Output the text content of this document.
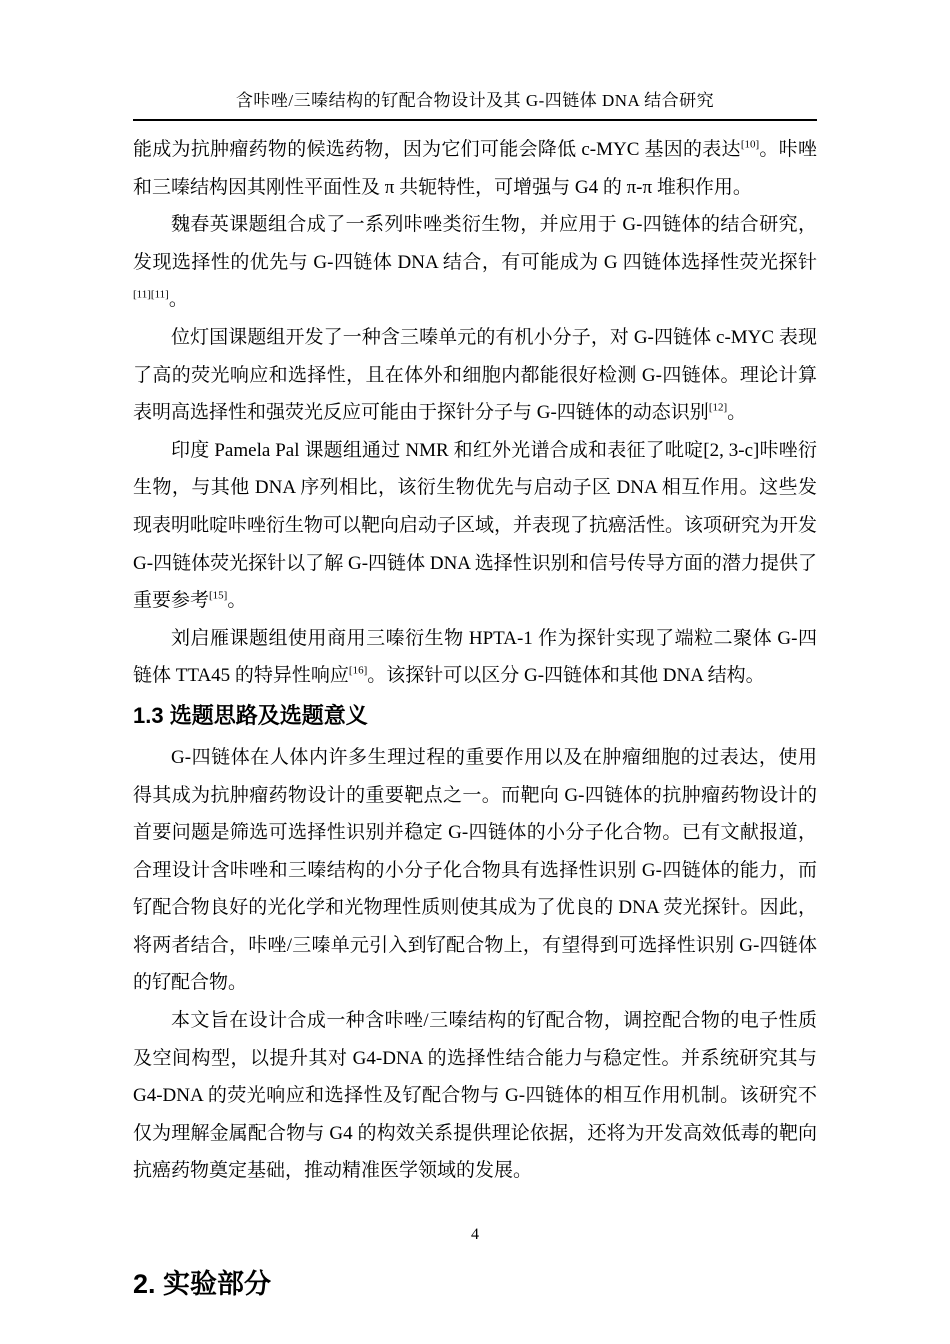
含咔唑/三嗪结构的钌配合物设计及其 G-四链体 DNA 结合研究

能成为抗肿瘤药物的候选药物，因为它们可能会降低 c-MYC 基因的表达[10]。咔唑和三嗪结构因其刚性平面性及 π 共轭特性，可增强与 G4 的 π-π 堆积作用。

魏春英课题组合成了一系列咔唑类衍生物，并应用于 G-四链体的结合研究，发现选择性的优先与 G-四链体 DNA 结合，有可能成为 G 四链体选择性荧光探针[11][11]。

位灯国课题组开发了一种含三嗪单元的有机小分子，对 G-四链体 c-MYC 表现了高的荧光响应和选择性，且在体外和细胞内都能很好检测 G-四链体。理论计算表明高选择性和强荧光反应可能由于探针分子与 G-四链体的动态识别[12]。

印度 Pamela Pal 课题组通过 NMR 和红外光谱合成和表征了吡啶[2, 3-c]咔唑衍生物，与其他 DNA 序列相比，该衍生物优先与启动子区 DNA 相互作用。这些发现表明吡啶咔唑衍生物可以靶向启动子区域，并表现了抗癌活性。该项研究为开发 G-四链体荧光探针以了解 G-四链体 DNA 选择性识别和信号传导方面的潜力提供了重要参考[15]。

刘启雁课题组使用商用三嗪衍生物 HPTA-1 作为探针实现了端粒二聚体 G-四链体 TTA45 的特异性响应[16]。该探针可以区分 G-四链体和其他 DNA 结构。

1.3 选题思路及选题意义

G-四链体在人体内许多生理过程的重要作用以及在肿瘤细胞的过表达，使用得其成为抗肿瘤药物设计的重要靶点之一。而靶向 G-四链体的抗肿瘤药物设计的首要问题是筛选可选择性识别并稳定 G-四链体的小分子化合物。已有文献报道，合理设计含咔唑和三嗪结构的小分子化合物具有选择性识别 G-四链体的能力，而钌配合物良好的光化学和光物理性质则使其成为了优良的 DNA 荧光探针。因此，将两者结合，咔唑/三嗪单元引入到钌配合物上，有望得到可选择性识别 G-四链体的钌配合物。

本文旨在设计合成一种含咔唑/三嗪结构的钌配合物，调控配合物的电子性质及空间构型，以提升其对 G4-DNA 的选择性结合能力与稳定性。并系统研究其与 G4-DNA 的荧光响应和选择性及钌配合物与 G-四链体的相互作用机制。该研究不仅为理解金属配合物与 G4 的构效关系提供理论依据，还将为开发高效低毒的靶向抗癌药物奠定基础，推动精准医学领域的发展。

2. 实验部分
4
